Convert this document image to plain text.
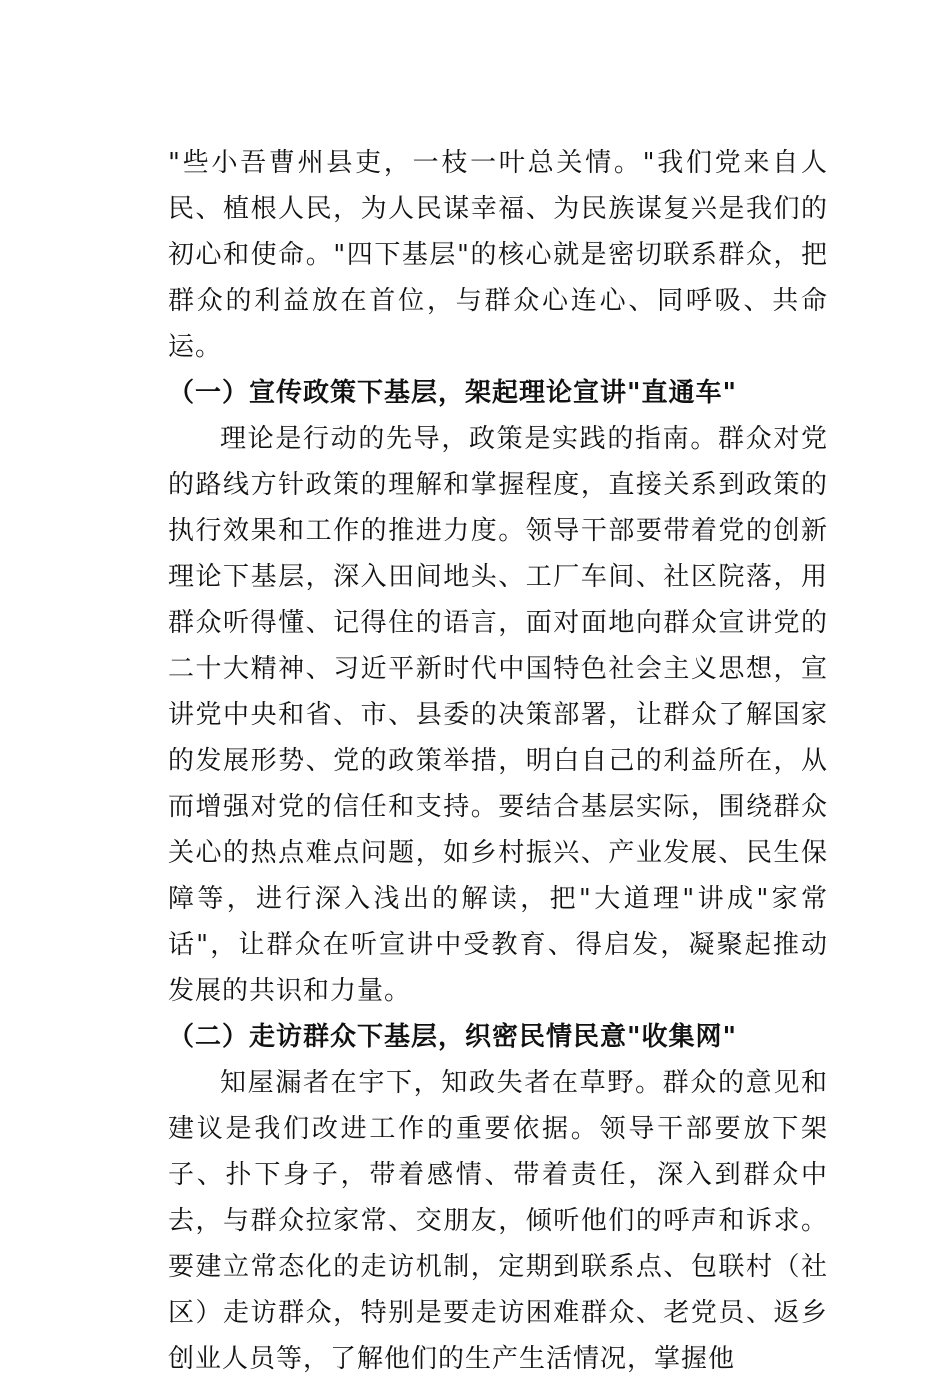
"些小吾曹州县吏，一枝一叶总关情。"我们党来自人民、植根人民，为人民谋幸福、为民族谋复兴是我们的初心和使命。"四下基层"的核心就是密切联系群众，把群众的利益放在首位，与群众心连心、同呼吸、共命运。

（一）宣传政策下基层，架起理论宣讲"直通车"

理论是行动的先导，政策是实践的指南。群众对党的路线方针政策的理解和掌握程度，直接关系到政策的执行效果和工作的推进力度。领导干部要带着党的创新理论下基层，深入田间地头、工厂车间、社区院落，用群众听得懂、记得住的语言，面对面地向群众宣讲党的二十大精神、习近平新时代中国特色社会主义思想，宣讲党中央和省、市、县委的决策部署，让群众了解国家的发展形势、党的政策举措，明白自己的利益所在，从而增强对党的信任和支持。要结合基层实际，围绕群众关心的热点难点问题，如乡村振兴、产业发展、民生保障等，进行深入浅出的解读，把"大道理"讲成"家常话"，让群众在听宣讲中受教育、得启发，凝聚起推动发展的共识和力量。

（二）走访群众下基层，织密民情民意"收集网"

知屋漏者在宇下，知政失者在草野。群众的意见和建议是我们改进工作的重要依据。领导干部要放下架子、扑下身子，带着感情、带着责任，深入到群众中去，与群众拉家常、交朋友，倾听他们的呼声和诉求。要建立常态化的走访机制，定期到联系点、包联村（社区）走访群众，特别是要走访困难群众、老党员、返乡创业人员等，了解他们的生产生活情况，掌握他
